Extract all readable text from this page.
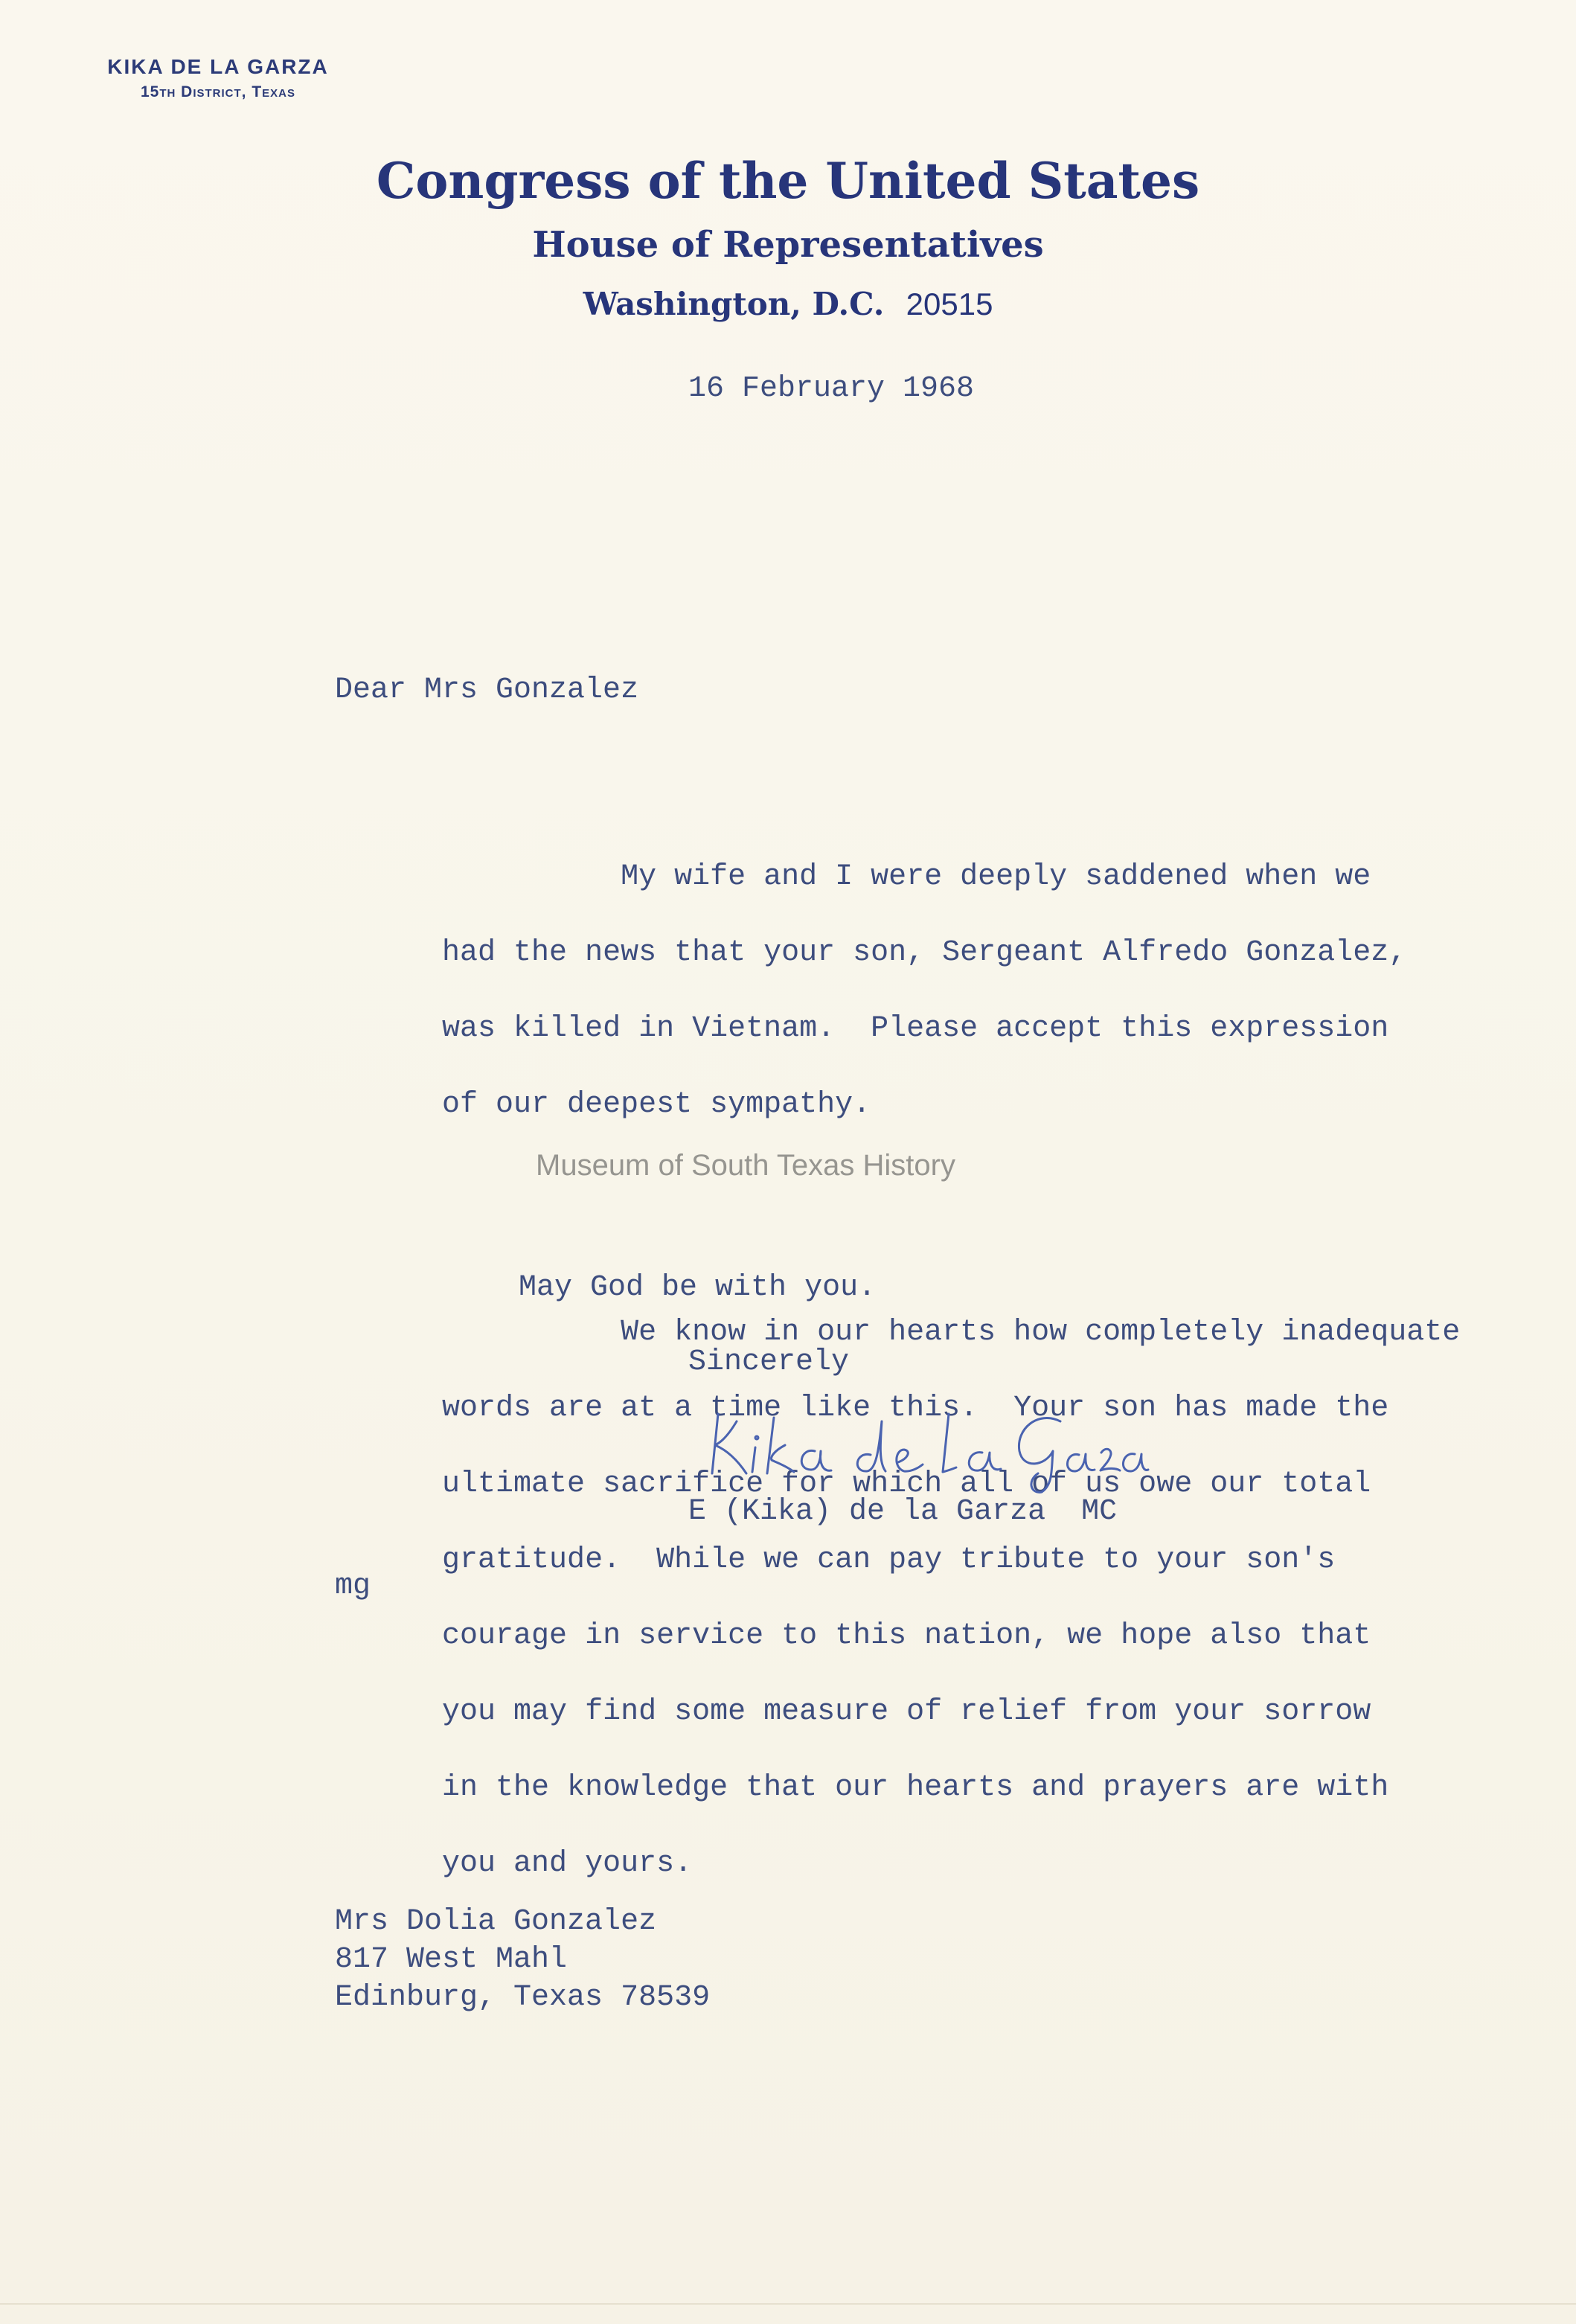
KIKA DE LA GARZA
15th District, Texas
Congress of the United States
House of Representatives
Washington, D.C. 20515
16 February 1968
Dear Mrs Gonzalez

My wife and I were deeply saddened when we

had the news that your son, Sergeant Alfredo Gonzalez,

was killed in Vietnam.  Please accept this expression

of our deepest sympathy.

We know in our hearts how completely inadequate

words are at a time like this.  Your son has made the

ultimate sacrifice for which all of us owe our total

gratitude.  While we can pay tribute to your son's

courage in service to this nation, we hope also that

you may find some measure of relief from your sorrow

in the knowledge that our hearts and prayers are with

you and yours.

May God be with you.
Sincerely
E (Kika) de la Garza  MC
mg
Museum of South Texas History
Mrs Dolia Gonzalez
817 West Mahl
Edinburg, Texas 78539
